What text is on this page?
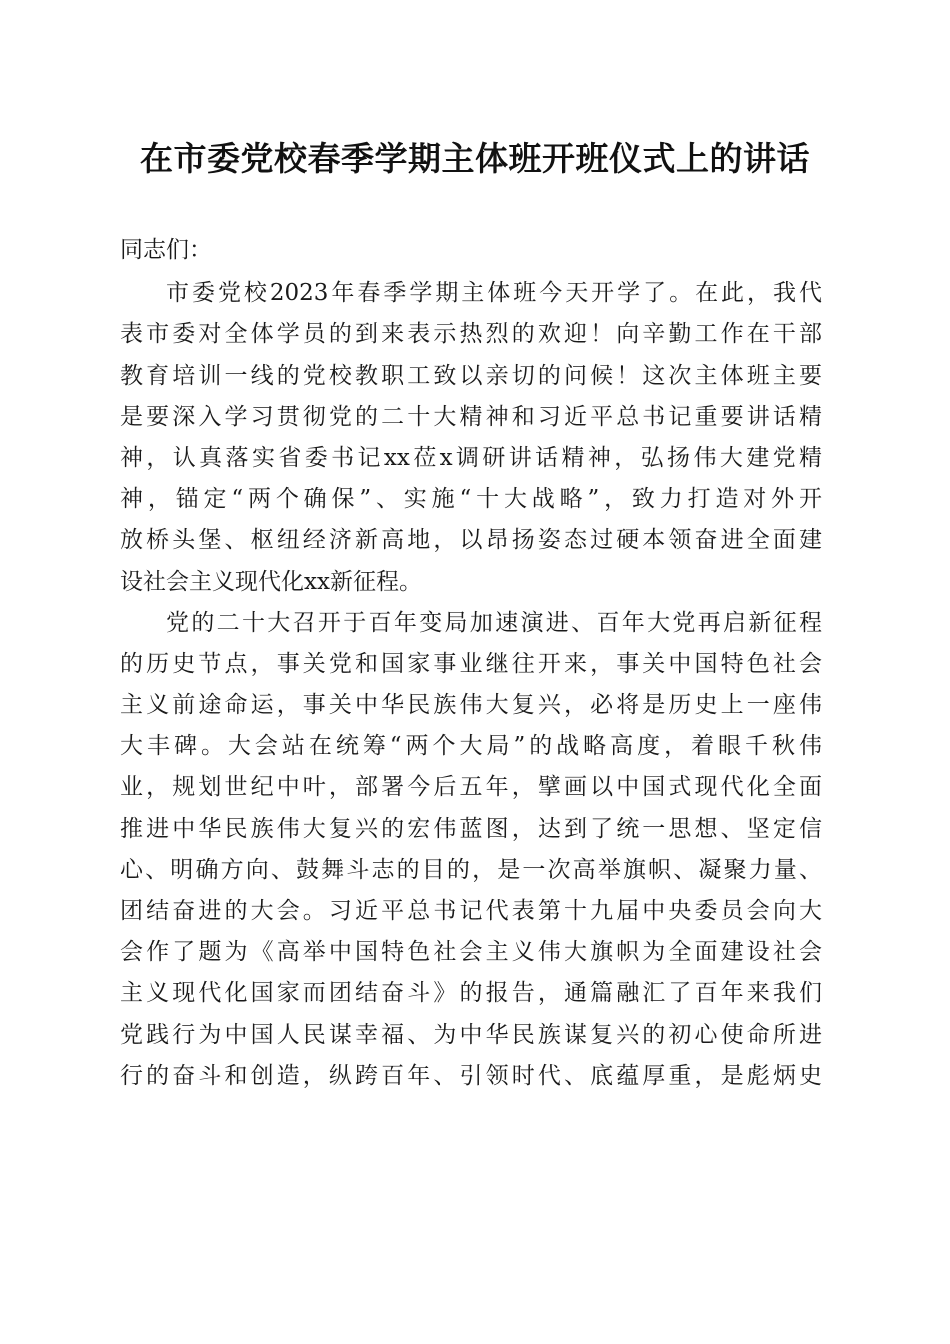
在市委党校春季学期主体班开班仪式上的讲话
同志们：
市委党校2023年春季学期主体班今天开学了。在此，我代
表市委对全体学员的到来表示热烈的欢迎！向辛勤工作在干部
教育培训一线的党校教职工致以亲切的问候！这次主体班主要
是要深入学习贯彻党的二十大精神和习近平总书记重要讲话精
神，认真落实省委书记xx莅x调研讲话精神，弘扬伟大建党精
神，锚定“两个确保”、实施“十大战略”，致力打造对外开
放桥头堡、枢纽经济新高地，以昂扬姿态过硬本领奋进全面建
设社会主义现代化xx新征程。
党的二十大召开于百年变局加速演进、百年大党再启新征程
的历史节点，事关党和国家事业继往开来，事关中国特色社会
主义前途命运，事关中华民族伟大复兴，必将是历史上一座伟
大丰碑。大会站在统筹“两个大局”的战略高度，着眼千秋伟
业，规划世纪中叶，部署今后五年，擘画以中国式现代化全面
推进中华民族伟大复兴的宏伟蓝图，达到了统一思想、坚定信
心、明确方向、鼓舞斗志的目的，是一次高举旗帜、凝聚力量、
团结奋进的大会。习近平总书记代表第十九届中央委员会向大
会作了题为《高举中国特色社会主义伟大旗帜为全面建设社会
主义现代化国家而团结奋斗》的报告，通篇融汇了百年来我们
党践行为中国人民谋幸福、为中华民族谋复兴的初心使命所进
行的奋斗和创造，纵跨百年、引领时代、底蕴厚重，是彪炳史
